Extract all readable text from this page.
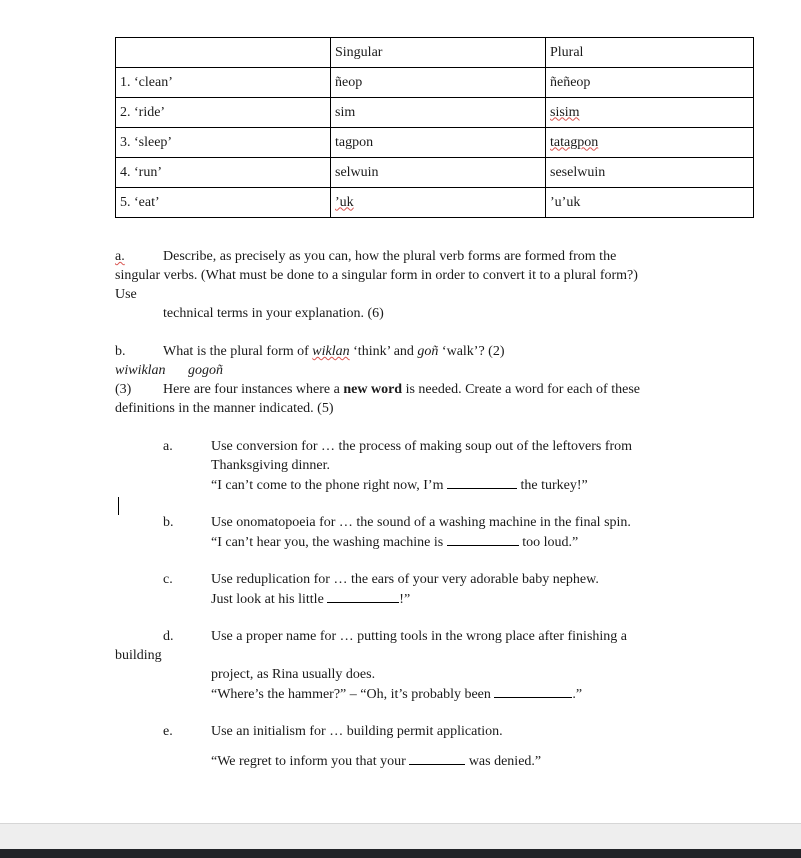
	Singular	Plural
1. ‘clean’	ñeop	ñeñeop
2. ‘ride’	sim	sisim
3. ‘sleep’	tagpon	tatagpon
4. ‘run’	selwuin	seselwuin
5. ‘eat’	’uk	’u’uk
a.	Describe, as precisely as you can, how the plural verb forms are formed from the
singular verbs. (What must be done to a singular form in order to convert it to a plural form?)
Use
technical terms in your explanation. (6)
b.	What is the plural form of wiklan ‘think’ and goñ ‘walk’? (2)
wiwiklan gogoñ
(3) Here are four instances where a new word is needed. Create a word for each of these
definitions in the manner indicated. (5)
a.	Use conversion for … the process of making soup out of the leftovers from
Thanksgiving dinner.
“I can’t come to the phone right now, I’m	the turkey!”
b.	Use onomatopoeia for … the sound of a washing machine in the final spin.
“I can’t hear you, the washing machine is	too loud.”
c.	Use reduplication for … the ears of your very adorable baby nephew.
Just look at his little	!”
d.	Use a proper name for … putting tools in the wrong place after finishing a
building
project, as Rina usually does.
“Where’s the hammer?” – “Oh, it’s probably been	.”
e.	Use an initialism for … building permit application.
“We regret to inform you that your	was denied.”
